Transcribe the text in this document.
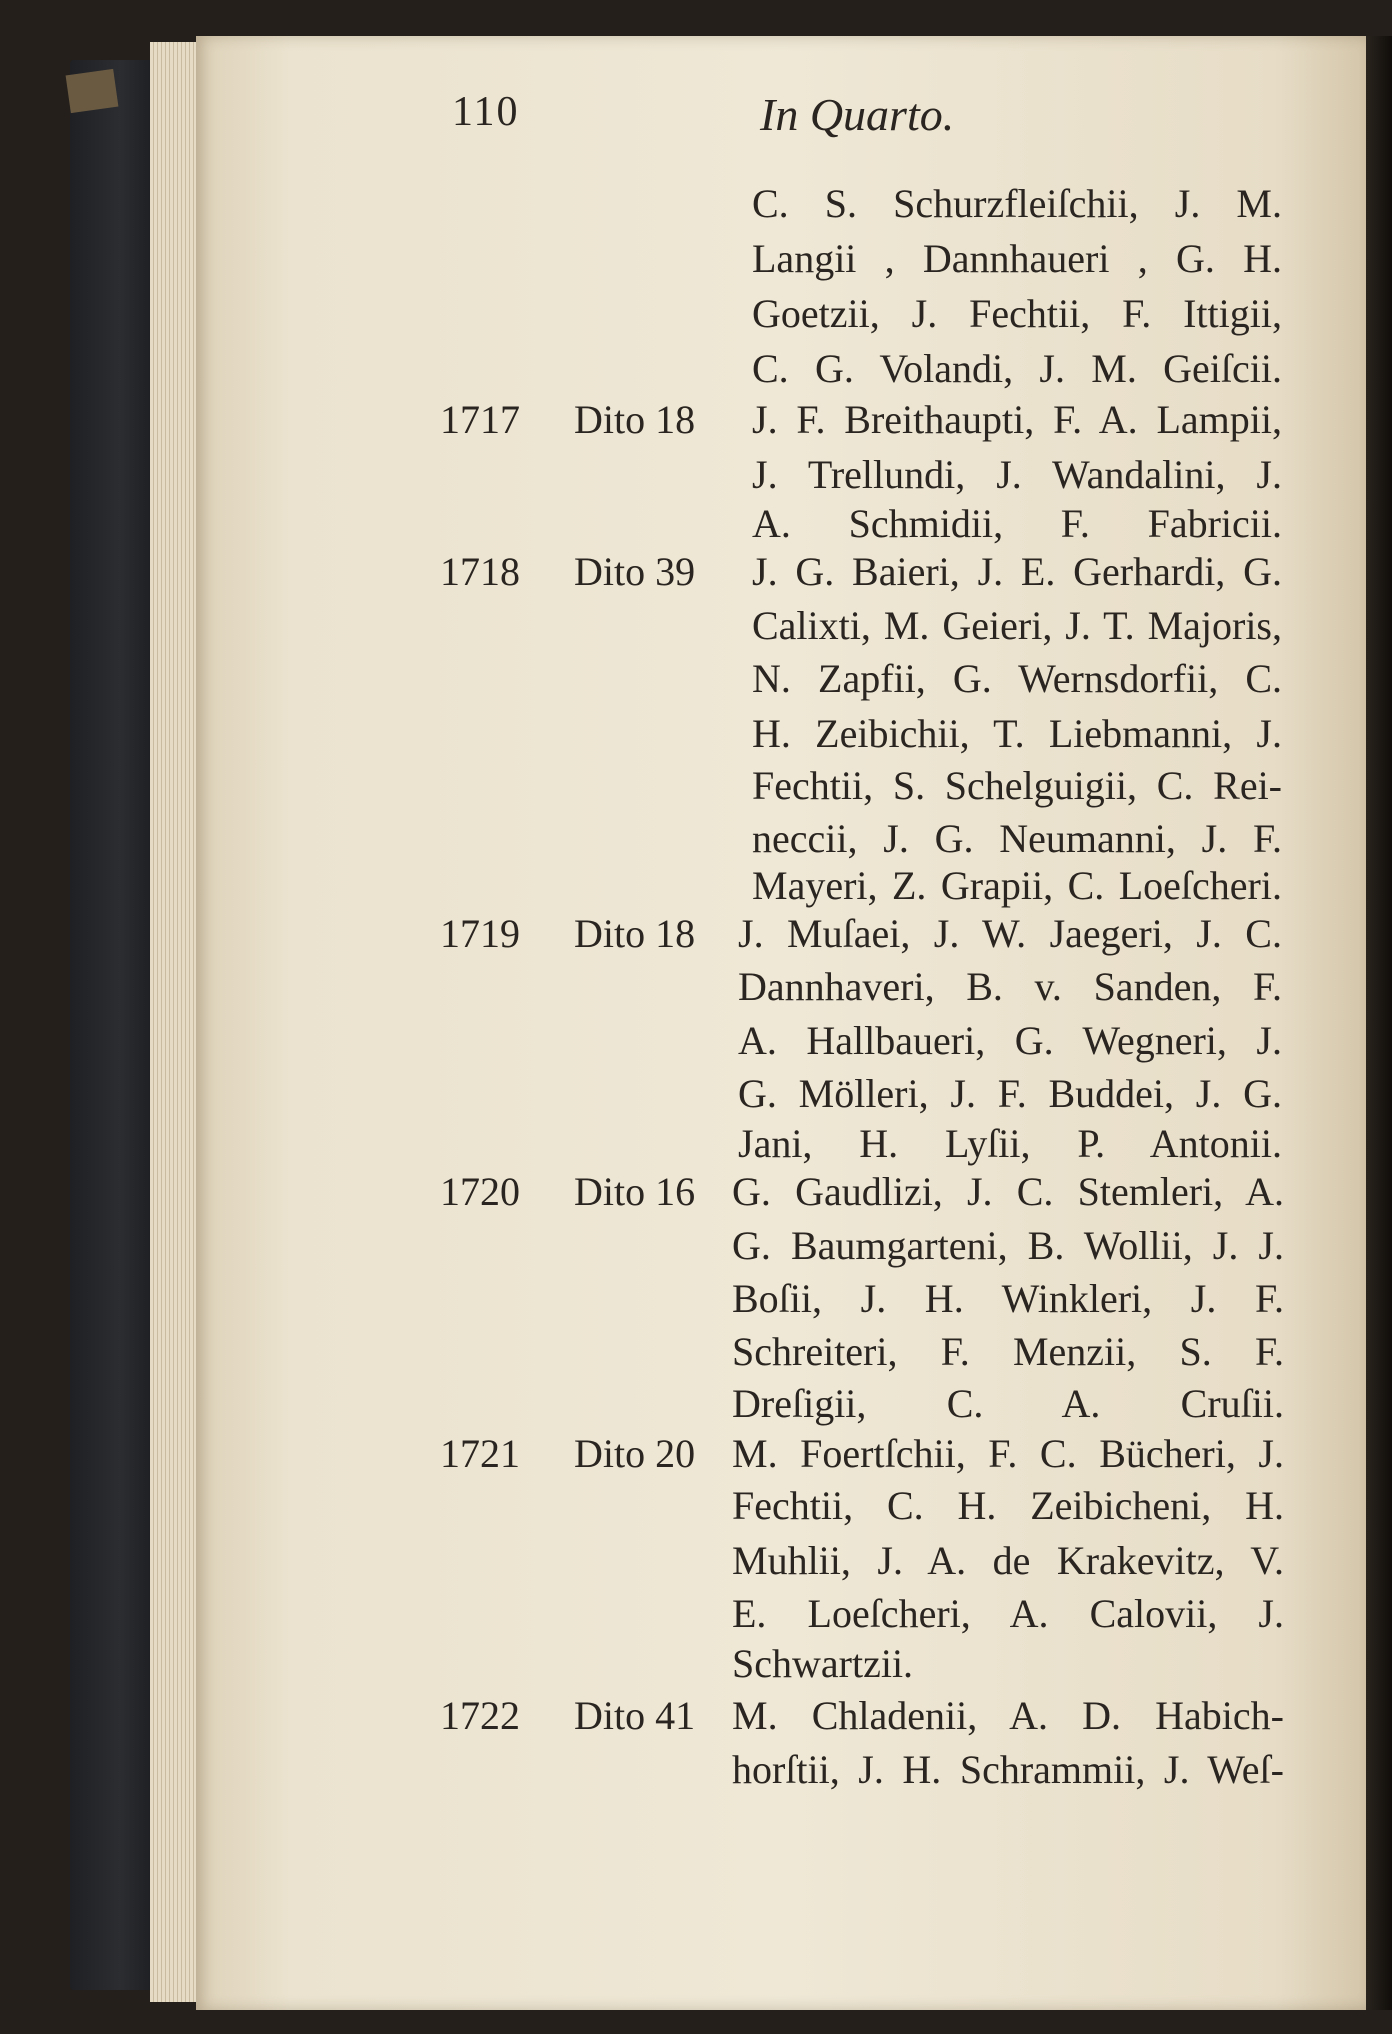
110	In Quarto.
C. S. Schurzfleiſchii, J. M.
Langii , Dannhaueri , G. H.
Goetzii, J. Fechtii, F. Ittigii,
C. G. Volandi, J. M. Geiſcii.
1717 Dito 18 J. F. Breithaupti, F. A. Lampii,
J. Trellundi, J. Wandalini, J.
A. Schmidii, F. Fabricii.
1718 Dito 39 J. G. Baieri, J. E. Gerhardi, G.
Calixti, M. Geieri, J. T. Majoris,
N. Zapfii, G. Wernsdorfii, C.
H. Zeibichii, T. Liebmanni, J.
Fechtii, S. Schelguigii, C. Rei-
neccii, J. G. Neumanni, J. F.
Mayeri, Z. Grapii, C. Loeſcheri.
1719 Dito 18 J. Muſaei, J. W. Jaegeri, J. C.
Dannhaveri, B. v. Sanden, F.
A. Hallbaueri, G. Wegneri, J.
G. Mölleri, J. F. Buddei, J. G.
Jani, H. Lyſii, P. Antonii.
1720 Dito 16 G. Gaudlizi, J. C. Stemleri, A.
G. Baumgarteni, B. Wollii, J. J.
Boſii, J. H. Winkleri, J. F.
Schreiteri, F. Menzii, S. F.
Dreſigii, C. A. Cruſii.
1721 Dito 20 M. Foertſchii, F. C. Bücheri, J.
Fechtii, C. H. Zeibicheni, H.
Muhlii, J. A. de Krakevitz, V.
E. Loeſcheri, A. Calovii, J.
Schwartzii.
1722 Dito 41 M. Chladenii, A. D. Habich-
horſtii, J. H. Schrammii, J. Weſ-
